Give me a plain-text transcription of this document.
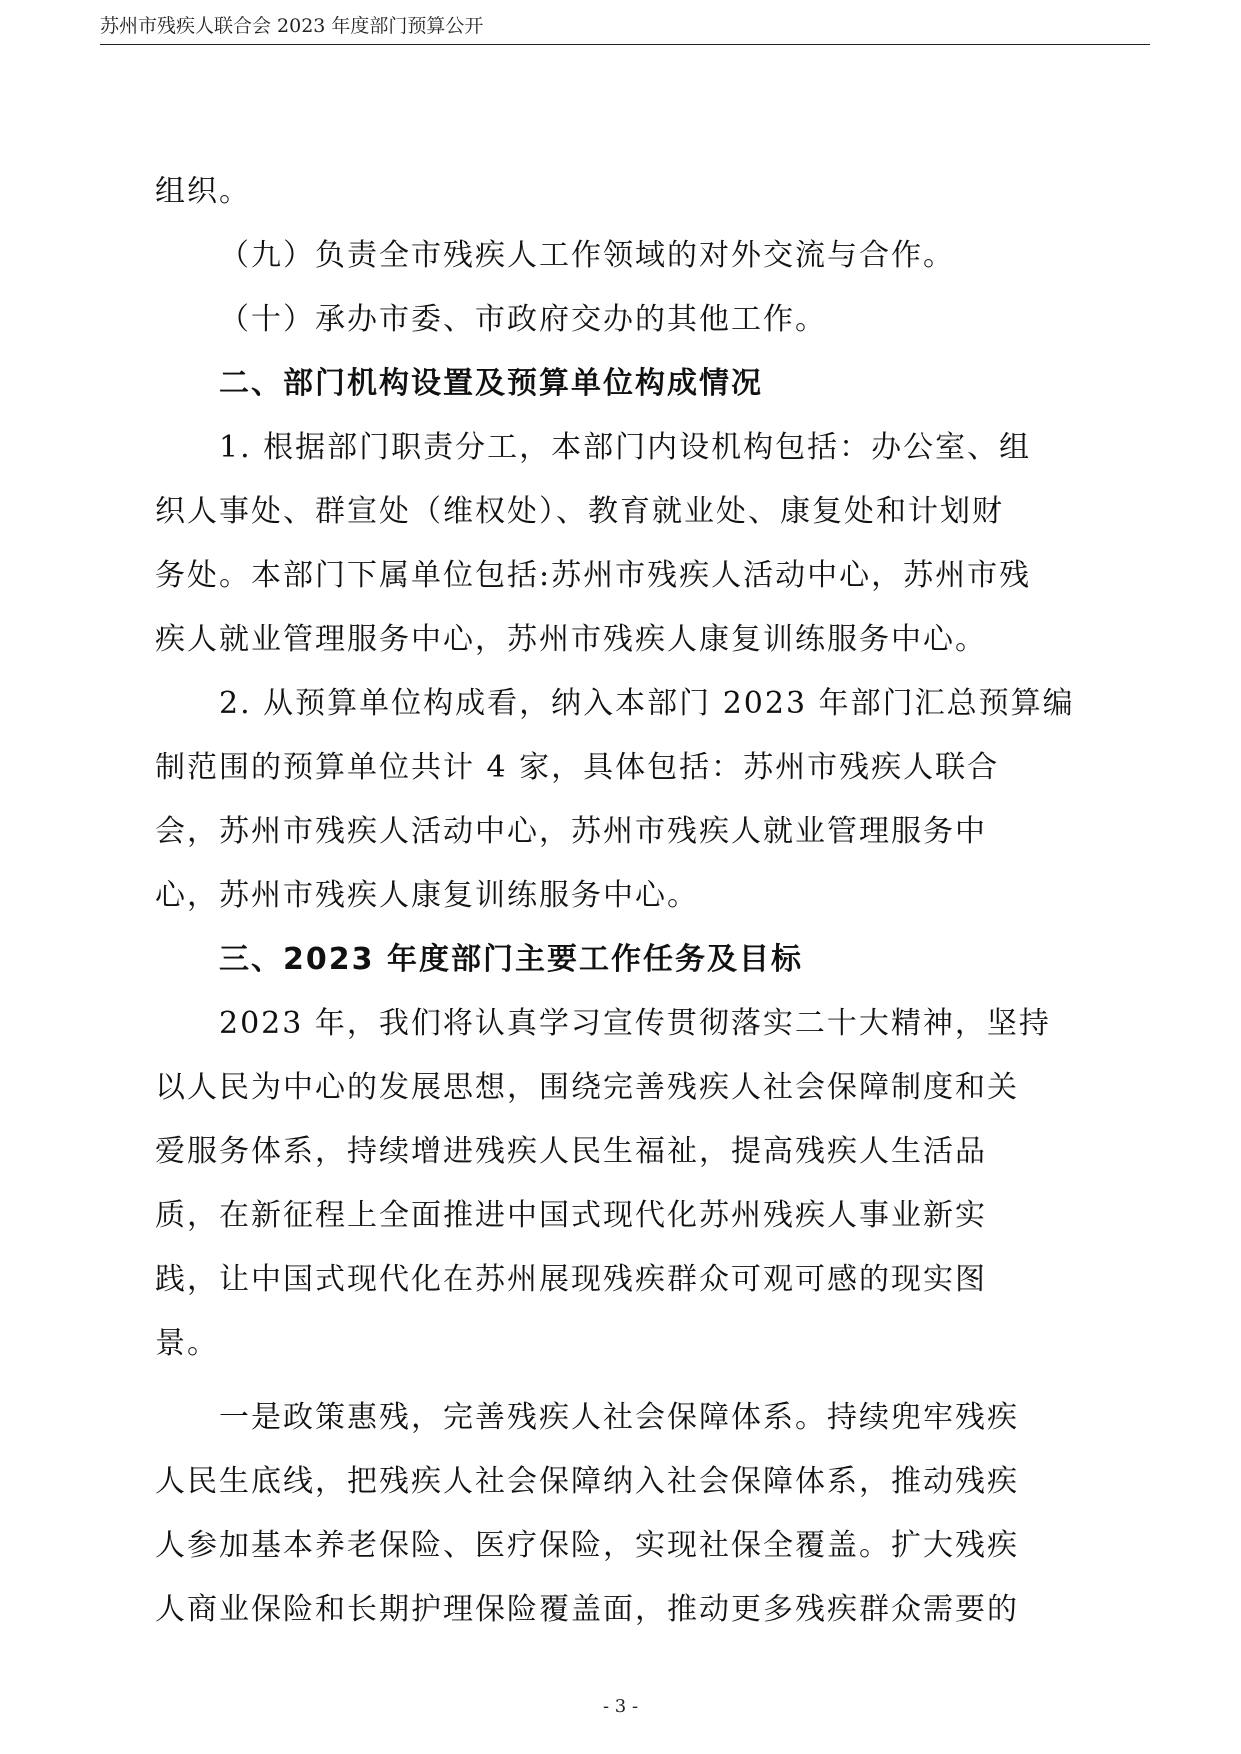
苏州市残疾人联合会 2023 年度部门预算公开

组织。

（九）负责全市残疾人工作领域的对外交流与合作。

（十）承办市委、市政府交办的其他工作。

二、部门机构设置及预算单位构成情况

1. 根据部门职责分工，本部门内设机构包括：办公室、组
织人事处、群宣处（维权处）、教育就业处、康复处和计划财
务处。本部门下属单位包括:苏州市残疾人活动中心，苏州市残
疾人就业管理服务中心，苏州市残疾人康复训练服务中心。
2. 从预算单位构成看，纳入本部门 2023 年部门汇总预算编
制范围的预算单位共计 4 家，具体包括：苏州市残疾人联合
会，苏州市残疾人活动中心，苏州市残疾人就业管理服务中
心，苏州市残疾人康复训练服务中心。

三、2023 年度部门主要工作任务及目标

2023 年，我们将认真学习宣传贯彻落实二十大精神，坚持
以人民为中心的发展思想，围绕完善残疾人社会保障制度和关
爱服务体系，持续增进残疾人民生福祉，提高残疾人生活品
质，在新征程上全面推进中国式现代化苏州残疾人事业新实
践，让中国式现代化在苏州展现残疾群众可观可感的现实图
景。
一是政策惠残，完善残疾人社会保障体系。持续兜牢残疾
人民生底线，把残疾人社会保障纳入社会保障体系，推动残疾
人参加基本养老保险、医疗保险，实现社保全覆盖。扩大残疾
人商业保险和长期护理保险覆盖面，推动更多残疾群众需要的
- 3 -
